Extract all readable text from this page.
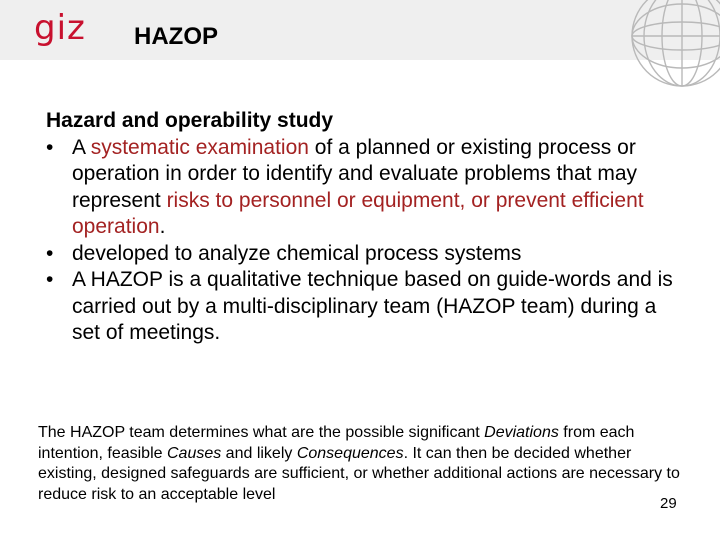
giz HAZOP

Hazard and operability study

• A systematic examination of a planned or existing process or operation in order to identify and evaluate problems that may represent risks to personnel or equipment, or prevent efficient operation.
• developed to analyze chemical process systems
• A HAZOP is a qualitative technique based on guide-words and is carried out by a multi-disciplinary team (HAZOP team) during a set of meetings.

The HAZOP team determines what are the possible significant Deviations from each intention, feasible Causes and likely Consequences. It can then be decided whether existing, designed safeguards are sufficient, or whether additional actions are necessary to reduce risk to an acceptable level

29
